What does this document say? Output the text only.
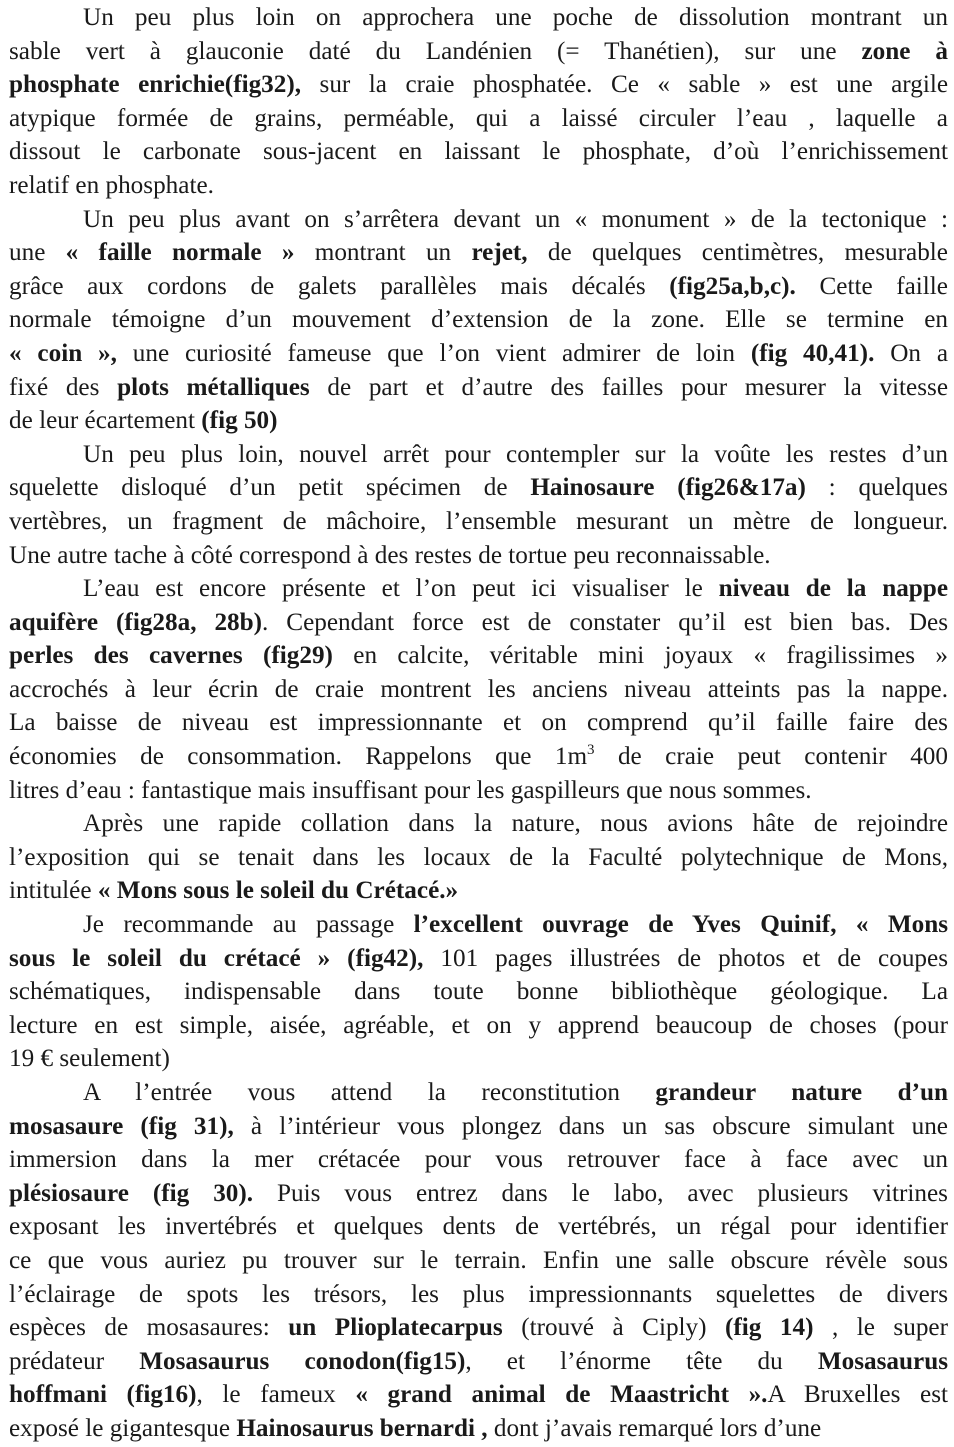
Un peu plus loin on approchera une poche de dissolution montrant un
sable vert à glauconie daté du Landénien (= Thanétien), sur une zone à
phosphate enrichie(fig32), sur la craie phosphatée. Ce « sable » est une argile
atypique formée de grains, perméable, qui a laissé circuler l’eau , laquelle a
dissout le carbonate sous-jacent en laissant le phosphate, d’où l’enrichissement
relatif en phosphate.
Un peu plus avant on s’arrêtera devant un « monument » de la tectonique :
une « faille normale » montrant un rejet, de quelques centimètres, mesurable
grâce aux cordons de galets parallèles mais décalés (fig25a,b,c). Cette faille
normale témoigne d’un mouvement d’extension de la zone. Elle se termine en
« coin », une curiosité fameuse que l’on vient admirer de loin (fig 40,41). On a
fixé des plots métalliques de part et d’autre des failles pour mesurer la vitesse
de leur écartement (fig 50)
Un peu plus loin, nouvel arrêt pour contempler sur la voûte les restes d’un
squelette disloqué d’un petit spécimen de Hainosaure (fig26&17a) : quelques
vertèbres, un fragment de mâchoire, l’ensemble mesurant un mètre de longueur.
Une autre tache à côté correspond à des restes de tortue peu reconnaissable.
L’eau est encore présente et l’on peut ici visualiser le niveau de la nappe
aquifère (fig28a, 28b). Cependant force est de constater qu’il est bien bas. Des
perles des cavernes (fig29) en calcite, véritable mini joyaux « fragilissimes »
accrochés à leur écrin de craie montrent les anciens niveau atteints pas la nappe.
La baisse de niveau est impressionnante et on comprend qu’il faille faire des
économies de consommation. Rappelons que $1m^3$ de craie peut contenir 400
litres d’eau : fantastique mais insuffisant pour les gaspilleurs que nous sommes.
Après une rapide collation dans la nature, nous avions hâte de rejoindre
l’exposition qui se tenait dans les locaux de la Faculté polytechnique de Mons,
intitulée « Mons sous le soleil du Crétacé.»
Je recommande au passage l’excellent ouvrage de Yves Quinif, « Mons
sous le soleil du crétacé » (fig42), 101 pages illustrées de photos et de coupes
schématiques, indispensable dans toute bonne bibliothèque géologique. La
lecture en est simple, aisée, agréable, et on y apprend beaucoup de choses (pour
19 € seulement)
A l’entrée vous attend la reconstitution grandeur nature d’un
mosasaure (fig 31), à l’intérieur vous plongez dans un sas obscure simulant une
immersion dans la mer crétacée pour vous retrouver face à face avec un
plésiosaure (fig 30). Puis vous entrez dans le labo, avec plusieurs vitrines
exposant les invertébrés et quelques dents de vertébrés, un régal pour identifier
ce que vous auriez pu trouver sur le terrain. Enfin une salle obscure révèle sous
l’éclairage de spots les trésors, les plus impressionnants squelettes de divers
espèces de mosasaures: un Plioplatecarpus (trouvé à Ciply) (fig 14) , le super
prédateur Mosasaurus conodon(fig15), et l’énorme tête du Mosasaurus
hoffmani (fig16), le fameux « grand animal de Maastricht ».A Bruxelles est
exposé le gigantesque Hainosaurus bernardi , dont j’avais remarqué lors d’une
